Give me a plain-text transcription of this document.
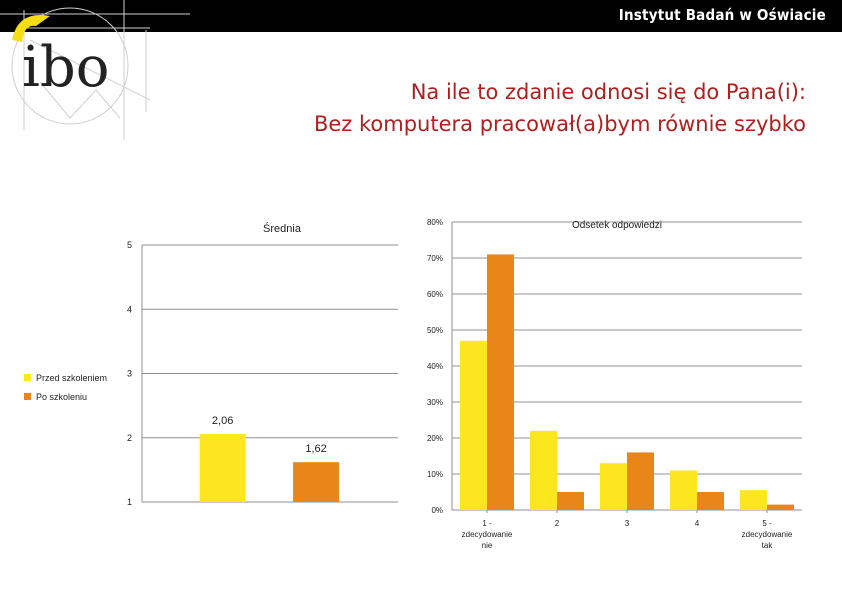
Instytut Badań w Oświacie
ibo	Na ile to zdanie odnosi się do Pana(i):
Bez komputera pracował(a)bym równie szybko
Przed szkoleniem
Po szkoleniu
1
2
3
4
5
Średnia
2,06
1,62
0%
10%
20%
30%
40%
50%
60%
70%
80%	Odsetek odpowiedzi
1 -
zdecydowanie
nie
2	3	4	5 -
zdecydowanie
tak
